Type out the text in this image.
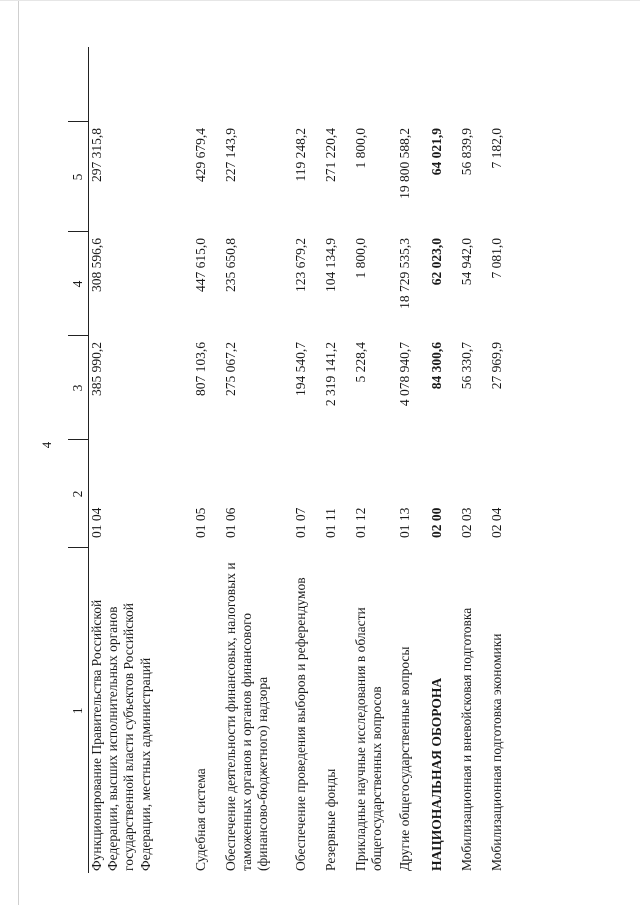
4
1	2	3	4	5	
Функционирование Правительства Российской Федерации, высших исполнительных органов государственной власти субъектов Российской Федерации, местных администраций	01 04	385 990,2	308 596,6	297 315,8	
Судебная система	01 05	807 103,6	447 615,0	429 679,4	
Обеспечение деятельности финансовых, налоговых и таможенных органов и органов финансового (финансово-бюджетного) надзора	01 06	275 067,2	235 650,8	227 143,9	
Обеспечение проведения выборов и референдумов	01 07	194 540,7	123 679,2	119 248,2	
Резервные фонды	01 11	2 319 141,2	104 134,9	271 220,4	
Прикладные научные исследования в области общегосударственных вопросов	01 12	5 228,4	1 800,0	1 800,0	
Другие общегосударственные вопросы	01 13	4 078 940,7	18 729 535,3	19 800 588,2	
НАЦИОНАЛЬНАЯ ОБОРОНА	02 00	84 300,6	62 023,0	64 021,9	
Мобилизационная и вневойсковая подготовка	02 03	56 330,7	54 942,0	56 839,9	
Мобилизационная подготовка экономики	02 04	27 969,9	7 081,0	7 182,0	
